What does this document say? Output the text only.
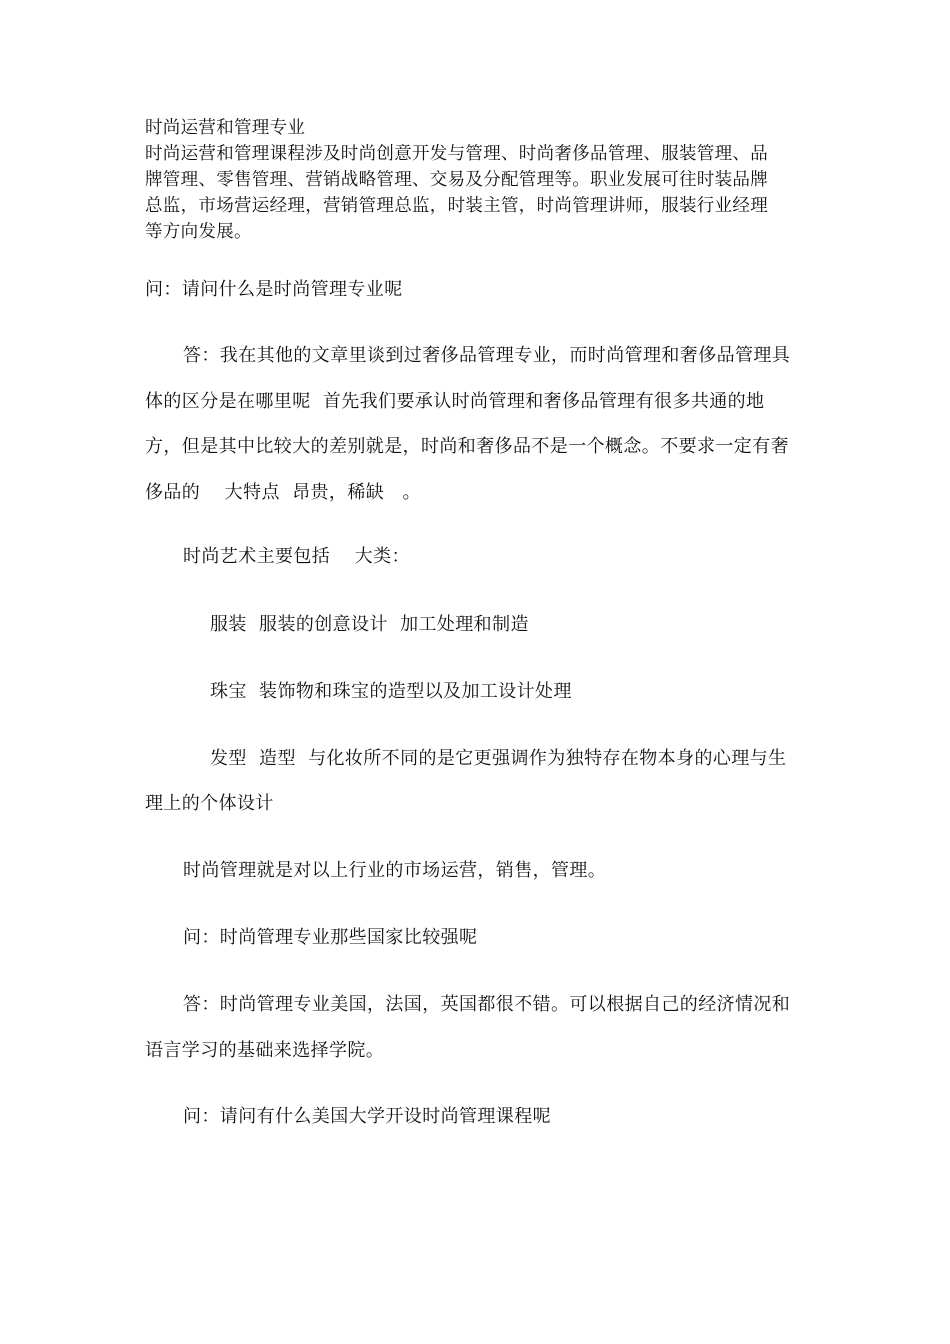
时尚运营和管理专业
时尚运营和管理课程涉及时尚创意开发与管理、时尚奢侈品管理、服装管理、品
牌管理、零售管理、营销战略管理、交易及分配管理等。职业发展可往时装品牌
总监，市场营运经理，营销管理总监，时装主管，时尚管理讲师，服装行业经理
等方向发展。
问：请问什么是时尚管理专业呢
答：我在其他的文章里谈到过奢侈品管理专业，而时尚管理和奢侈品管理具
体的区分是在哪里呢  首先我们要承认时尚管理和奢侈品管理有很多共通的地
方，但是其中比较大的差别就是，时尚和奢侈品不是一个概念。不要求一定有奢
侈品的    大特点  昂贵，稀缺   。
时尚艺术主要包括    大类：
服装  服装的创意设计  加工处理和制造
珠宝  装饰物和珠宝的造型以及加工设计处理
发型  造型  与化妆所不同的是它更强调作为独特存在物本身的心理与生
理上的个体设计
时尚管理就是对以上行业的市场运营，销售，管理。
问：时尚管理专业那些国家比较强呢
答：时尚管理专业美国，法国，英国都很不错。可以根据自己的经济情况和
语言学习的基础来选择学院。
问：请问有什么美国大学开设时尚管理课程呢
